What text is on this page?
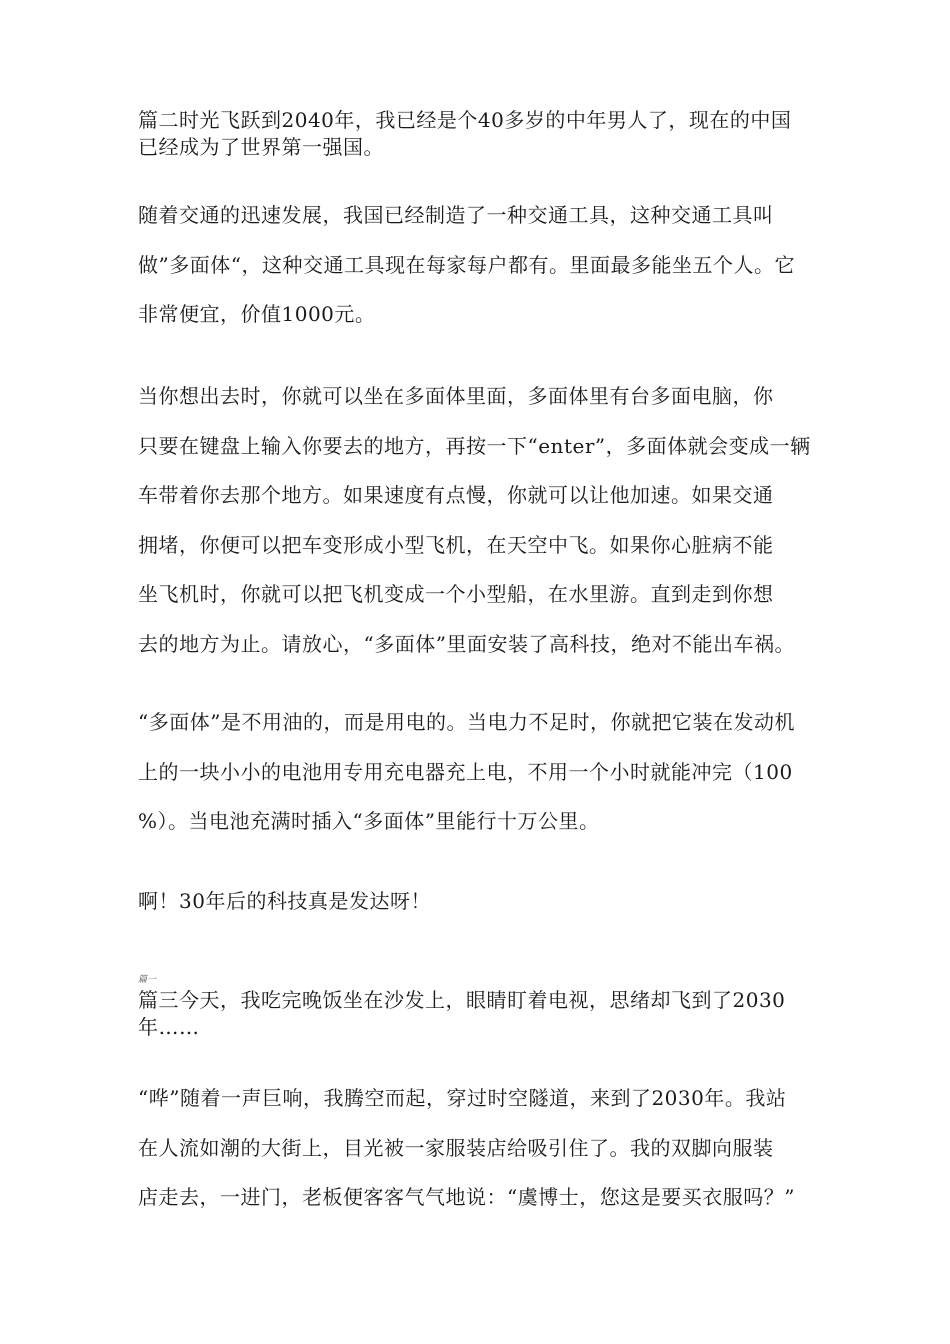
篇二时光飞跃到2040年，我已经是个40多岁的中年男人了，现在的中国
已经成为了世界第一强国。

随着交通的迅速发展，我国已经制造了一种交通工具，这种交通工具叫
做”多面体“，这种交通工具现在每家每户都有。里面最多能坐五个人。它
非常便宜，价值1000元。

当你想出去时，你就可以坐在多面体里面，多面体里有台多面电脑，你
只要在键盘上输入你要去的地方，再按一下“enter”，多面体就会变成一辆
车带着你去那个地方。如果速度有点慢，你就可以让他加速。如果交通
拥堵，你便可以把车变形成小型飞机，在天空中飞。如果你心脏病不能
坐飞机时，你就可以把飞机变成一个小型船，在水里游。直到走到你想
去的地方为止。请放心，“多面体”里面安装了高科技，绝对不能出车祸。

“多面体”是不用油的，而是用电的。当电力不足时，你就把它装在发动机
上的一块小小的电池用专用充电器充上电，不用一个小时就能冲完（100
%）。当电池充满时插入“多面体”里能行十万公里。

啊！30年后的科技真是发达呀！

篇一

篇三今天，我吃完晚饭坐在沙发上，眼睛盯着电视，思绪却飞到了2030
年……

“哗”随着一声巨响，我腾空而起，穿过时空隧道，来到了2030年。我站
在人流如潮的大街上，目光被一家服装店给吸引住了。我的双脚向服装
店走去，一进门，老板便客客气气地说：“虞博士，您这是要买衣服吗？”
